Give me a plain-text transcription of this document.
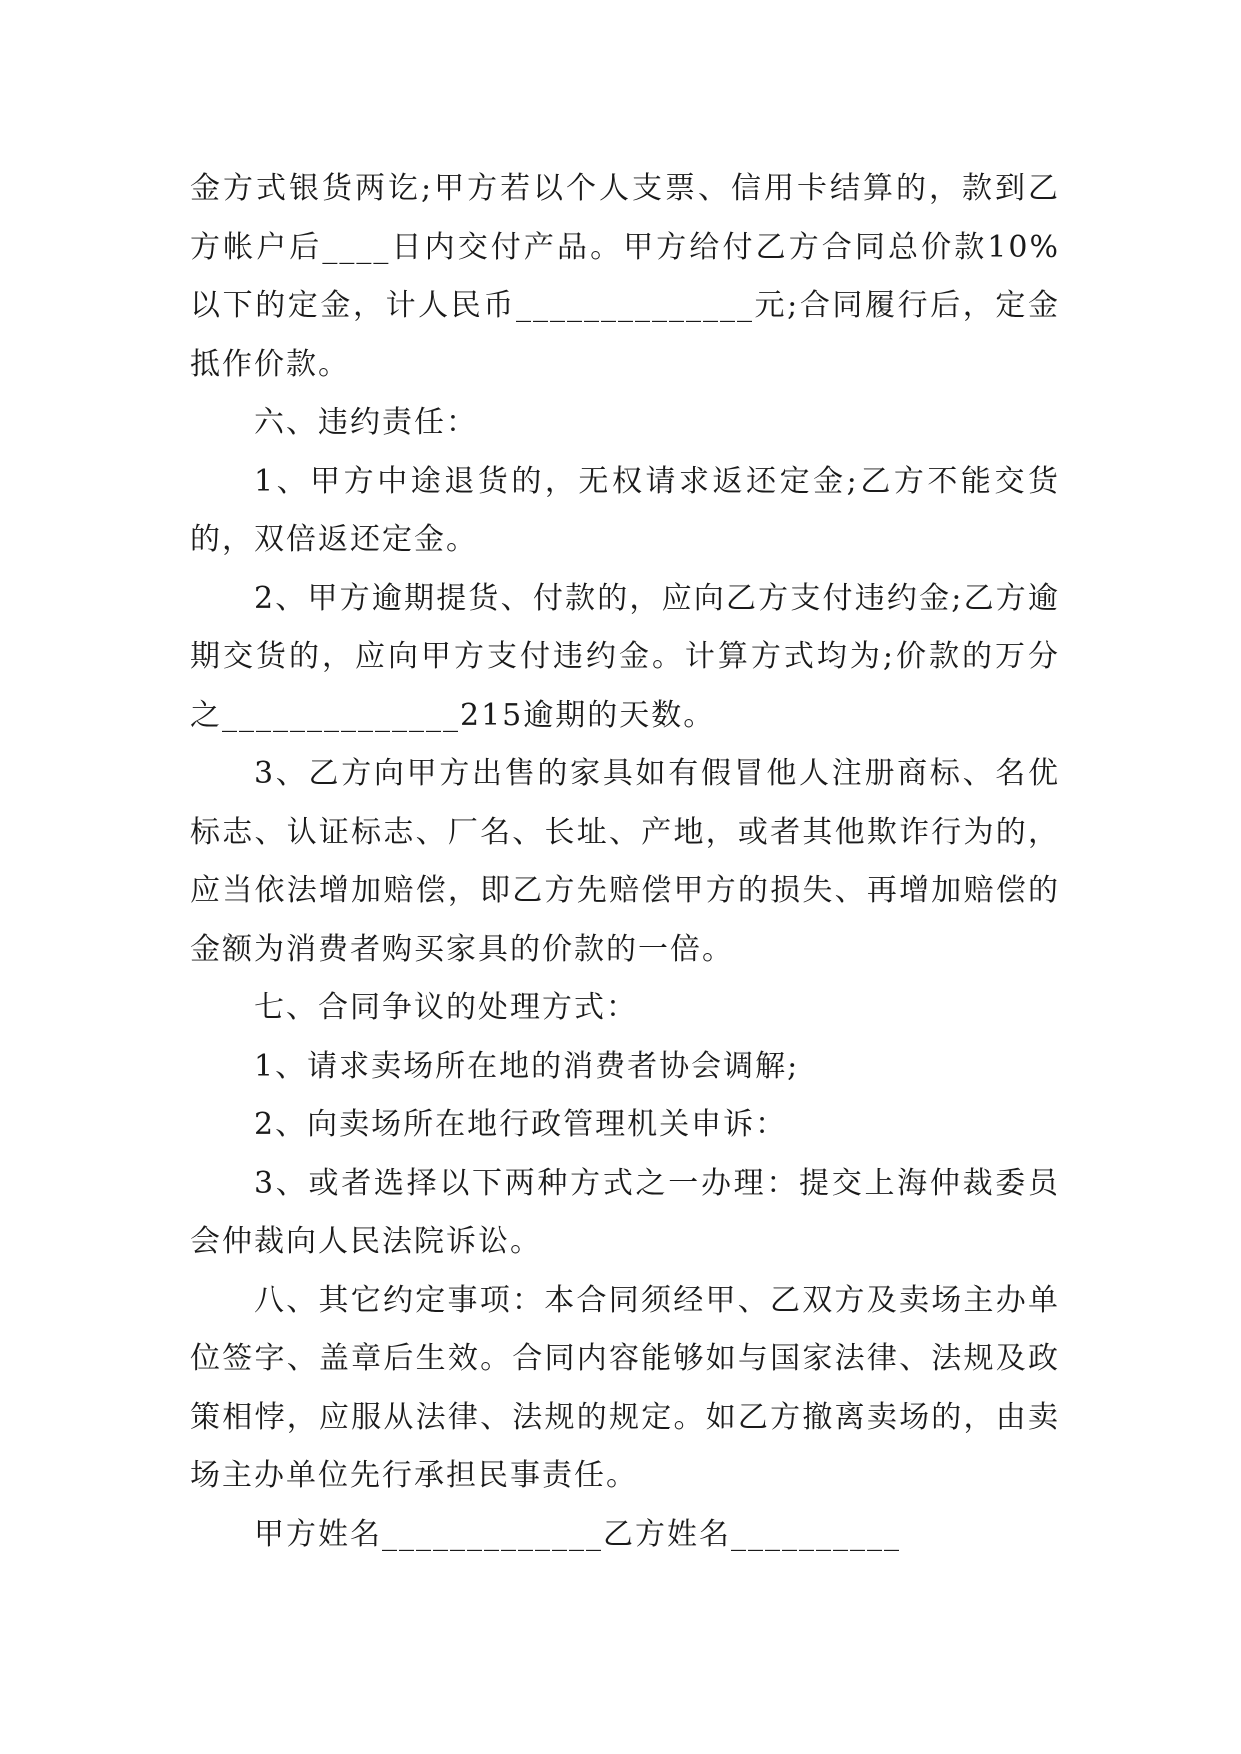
金方式银货两讫;甲方若以个人支票、信用卡结算的，款到乙方帐户后____日内交付产品。甲方给付乙方合同总价款10%以下的定金，计人民币______________元;合同履行后，定金抵作价款。

六、违约责任：

1、甲方中途退货的，无权请求返还定金;乙方不能交货的，双倍返还定金。

2、甲方逾期提货、付款的，应向乙方支付违约金;乙方逾期交货的，应向甲方支付违约金。计算方式均为;价款的万分之______________215逾期的天数。

3、乙方向甲方出售的家具如有假冒他人注册商标、名优标志、认证标志、厂名、长址、产地，或者其他欺诈行为的，应当依法增加赔偿，即乙方先赔偿甲方的损失、再增加赔偿的金额为消费者购买家具的价款的一倍。

七、合同争议的处理方式：

1、请求卖场所在地的消费者协会调解;

2、向卖场所在地行政管理机关申诉：

3、或者选择以下两种方式之一办理：提交上海仲裁委员会仲裁向人民法院诉讼。

八、其它约定事项：本合同须经甲、乙双方及卖场主办单位签字、盖章后生效。合同内容能够如与国家法律、法规及政策相悖，应服从法律、法规的规定。如乙方撤离卖场的，由卖场主办单位先行承担民事责任。

甲方姓名_____________乙方姓名__________
